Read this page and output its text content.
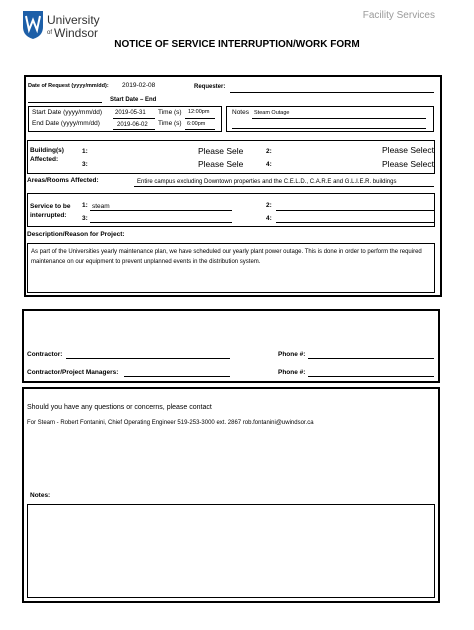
University
of Windsor
Facility Services
NOTICE OF SERVICE INTERRUPTION/WORK FORM
Date of Request (yyyy/mm/dd): 2019-02-08	Requester:
Start Date – End
Start Date (yyyy/mm/dd) 2019-05-31 Time (s) 12:00pm
End Date (yyyy/mm/dd)	2019-06-02 Time (s) 6:00pm
Notes Steam Outage
Building(s)
Affected:
1:	Please Sele	2:	Please Select
3:	Please Sele	4:	Please Select
Areas/Rooms Affected:	Entire campus excluding Downtown properties and the C.E.L.D., C.A.R.E and G.L.I.E.R. buildings
Service to be
interrupted:
1: steam	2:
3:	4:
Description/Reason for Project:
As part of the Universities yearly maintenance plan, we have scheduled our yearly plant power outage. This is done in order to perform the required maintenance on our equipment to prevent unplanned events in the distribution system.
Contractor:	Phone #:
Contractor/Project Managers:	Phone #:
Should you have any questions or concerns, please contact
For Steam - Robert Fontanini, Chief Operating Engineer 519-253-3000 ext. 2867 rob.fontanini@uwindsor.ca
Notes:
